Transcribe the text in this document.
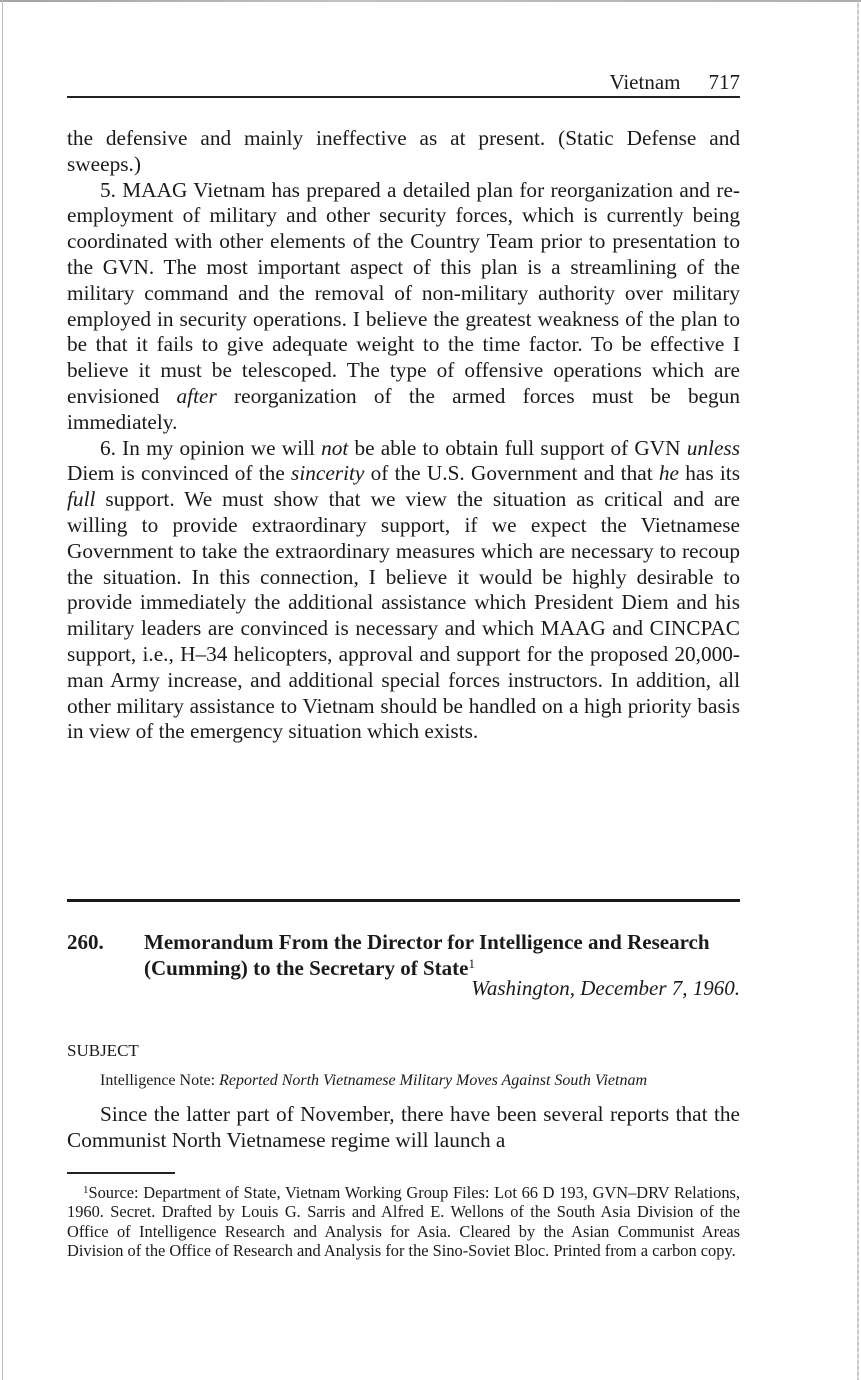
Vietnam 717

the defensive and mainly ineffective as at present. (Static Defense and sweeps.)

5. MAAG Vietnam has prepared a detailed plan for reorganization and re-employment of military and other security forces, which is currently being coordinated with other elements of the Country Team prior to presentation to the GVN. The most important aspect of this plan is a streamlining of the military command and the removal of non-military authority over military employed in security operations. I believe the greatest weakness of the plan to be that it fails to give adequate weight to the time factor. To be effective I believe it must be telescoped. The type of offensive operations which are envisioned after reorganization of the armed forces must be begun immediately.

6. In my opinion we will not be able to obtain full support of GVN unless Diem is convinced of the sincerity of the U.S. Government and that he has its full support. We must show that we view the situation as critical and are willing to provide extraordinary support, if we expect the Vietnamese Government to take the extraordinary measures which are necessary to recoup the situation. In this connection, I believe it would be highly desirable to provide immediately the additional assistance which President Diem and his military leaders are convinced is necessary and which MAAG and CINCPAC support, i.e., H–34 helicopters, approval and support for the proposed 20,000-man Army increase, and additional special forces instructors. In addition, all other military assistance to Vietnam should be handled on a high priority basis in view of the emergency situation which exists.

260.	Memorandum From the Director for Intelligence and Research (Cumming) to the Secretary of State$^1$
Washington, December 7, 1960.
SUBJECT
Intelligence Note: Reported North Vietnamese Military Moves Against South Vietnam

Since the latter part of November, there have been several reports that the Communist North Vietnamese regime will launch a

$^1$Source: Department of State, Vietnam Working Group Files: Lot 66 D 193, GVN–DRV Relations, 1960. Secret. Drafted by Louis G. Sarris and Alfred E. Wellons of the South Asia Division of the Office of Intelligence Research and Analysis for Asia. Cleared by the Asian Communist Areas Division of the Office of Research and Analysis for the Sino-Soviet Bloc. Printed from a carbon copy.
